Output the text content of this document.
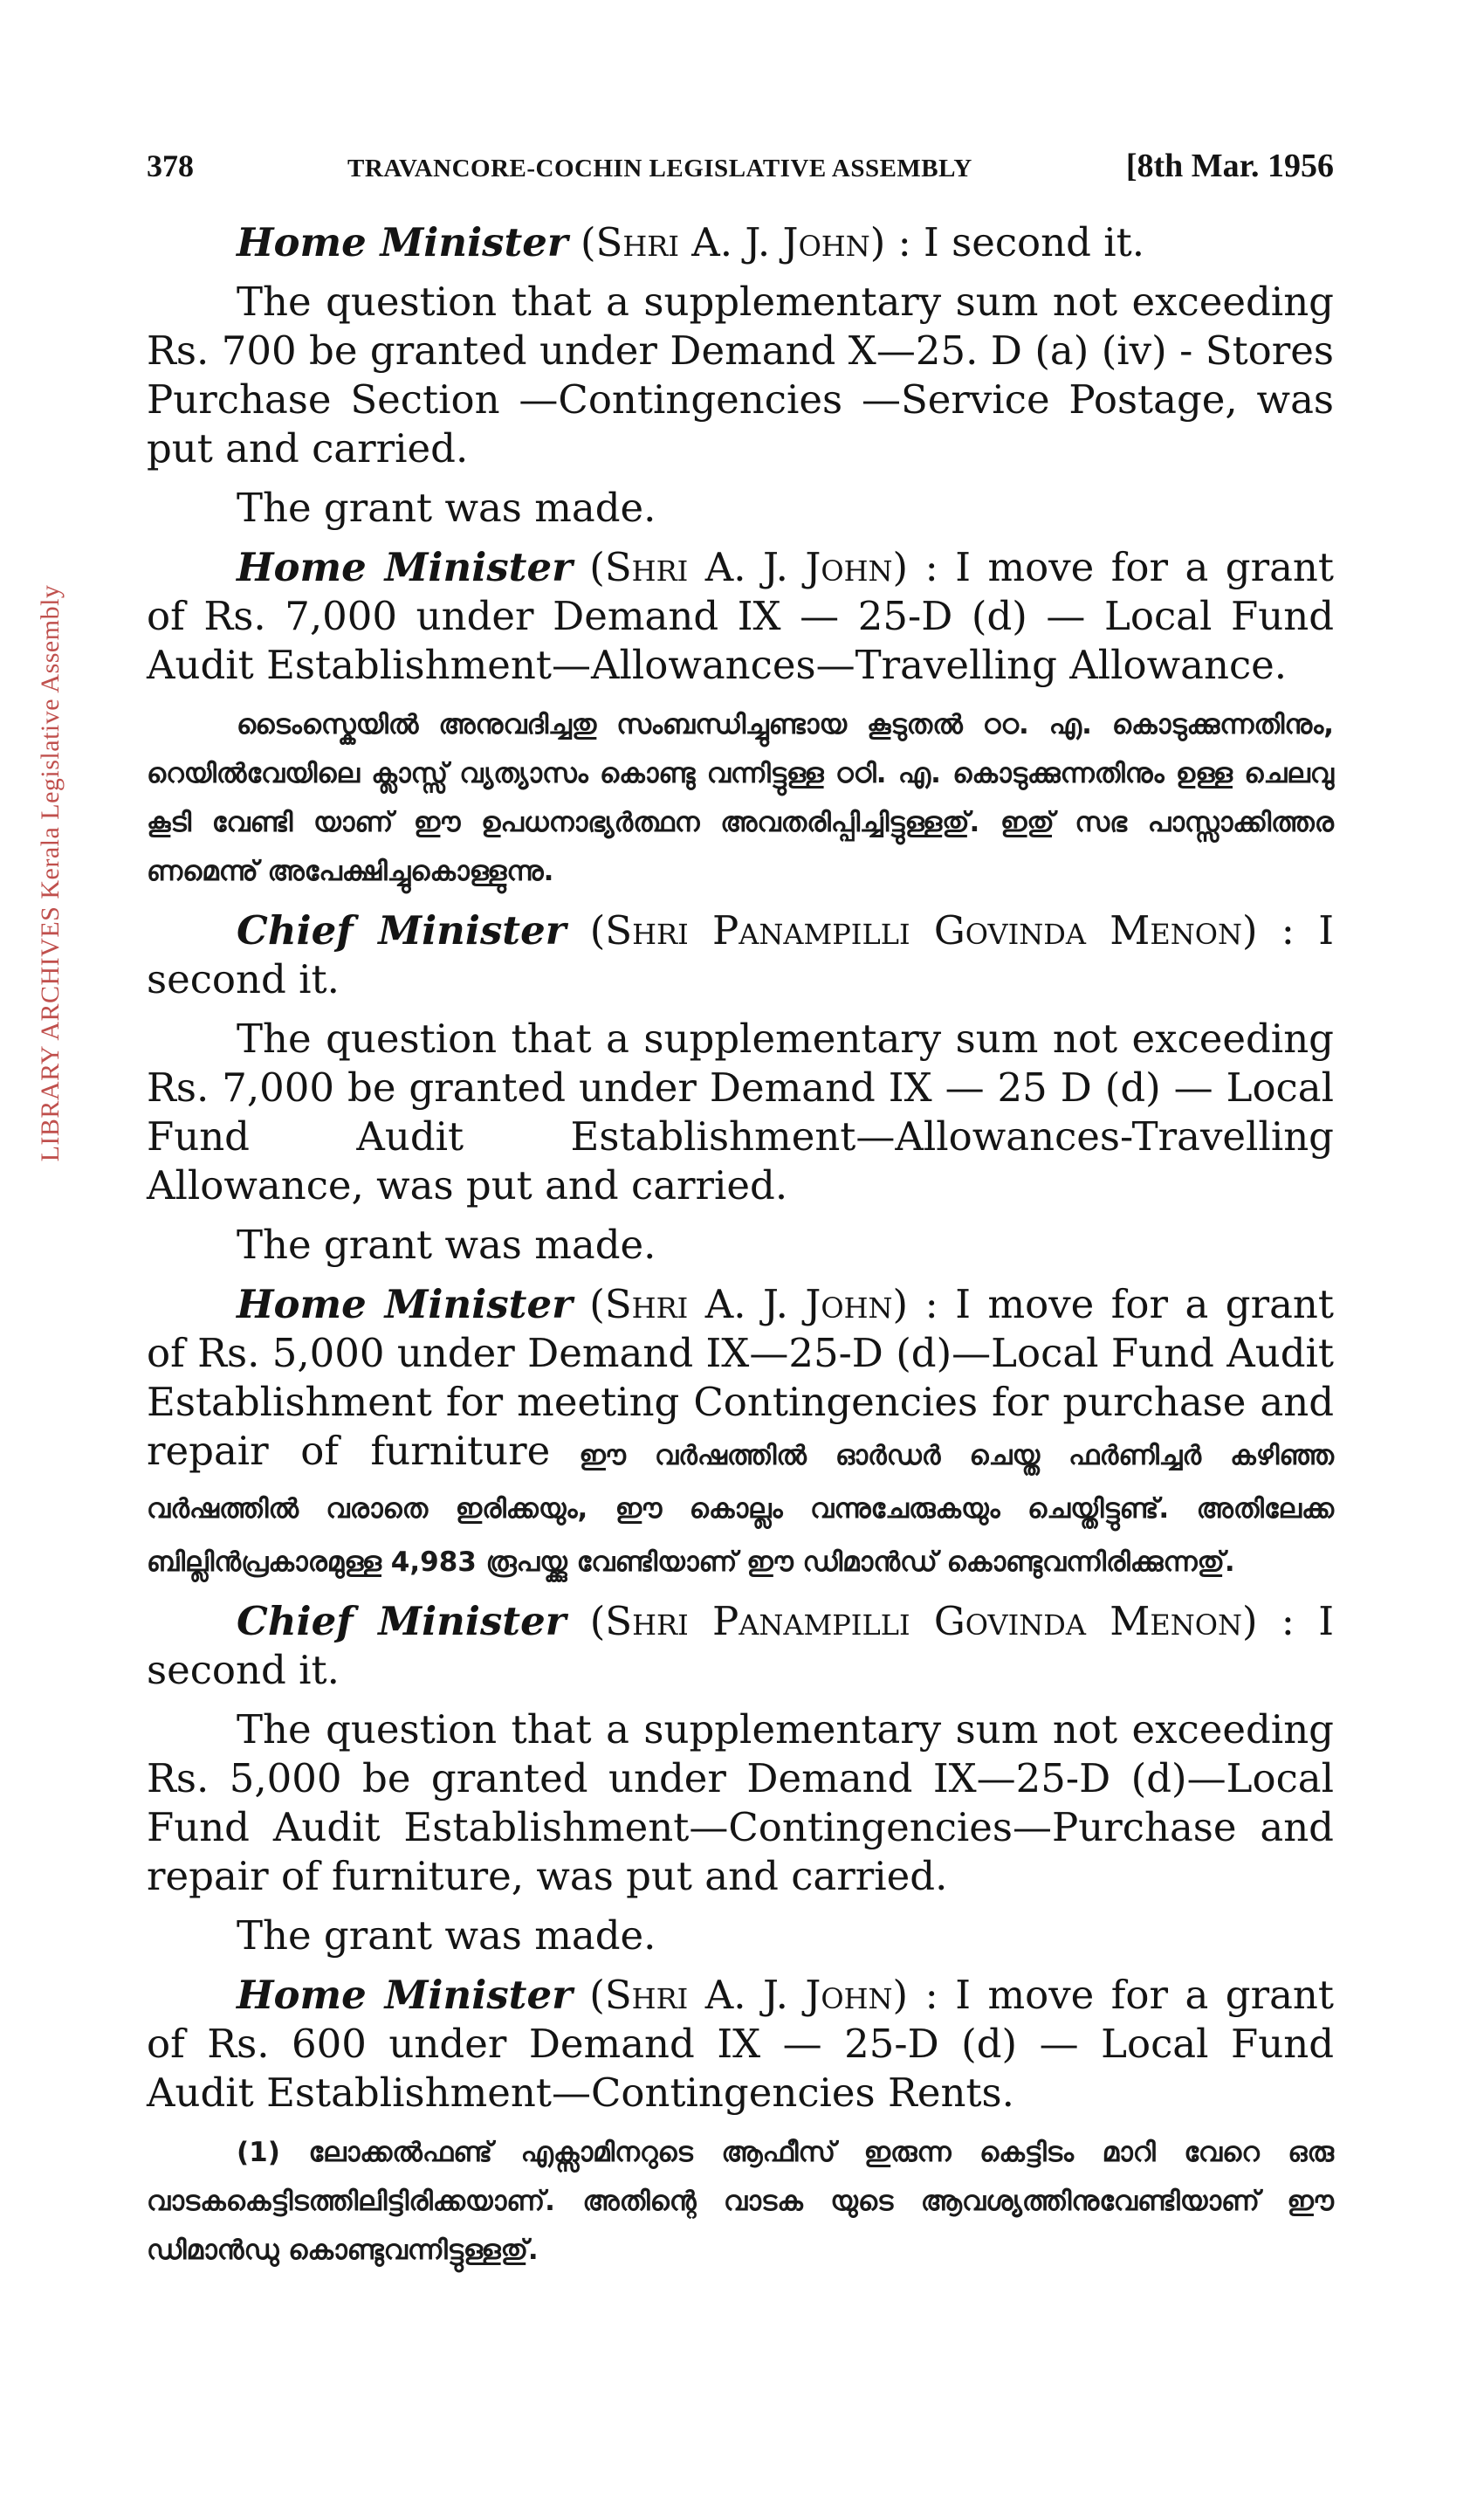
LIBRARY ARCHIVES Kerala Legislative Assembly
378	TRAVANCORE-COCHIN LEGISLATIVE ASSEMBLY	[8th Mar. 1956

Home Minister (Shri A. J. John) : I second it.

The question that a supplementary sum not exceeding Rs. 700 be granted under Demand X—25. D (a) (iv) - Stores Purchase Section —Contingencies —Service Postage, was put and carried.

The grant was made.

Home Minister (Shri A. J. John) : I move for a grant of Rs. 7,000 under Demand IX — 25-D (d) — Local Fund Audit Establishment—Allowances—Travelling Allowance.

ടൈംസ്കെയിൽ അനുവദിച്ചതു സംബന്ധിച്ചുണ്ടായ കൂടുതൽ ഠഠ. എ. കൊടുക്കുന്നതിനും, റെയിൽവേയിലെ ക്ലാസ്സ് വ്യത്യാസം കൊണ്ടു വന്നിട്ടുള്ള ഠഠി. എ. കൊടുക്കുന്നതിനും ഉള്ള ചെലവു കൂടി വേണ്ടി യാണ് ഈ ഉപധനാഭ്യർത്ഥന അവതരിപ്പിച്ചിട്ടുള്ളതു്. ഇതു് സഭ പാസ്സാക്കിത്തര ണമെന്നു് അപേക്ഷിച്ചുകൊള്ളുന്നു.

Chief Minister (Shri Panampilli Govinda Menon) : I second it.

The question that a supplementary sum not exceeding Rs. 7,000 be granted under Demand IX — 25 D (d) — Local Fund Audit Establishment—Allowances-Travelling Allowance, was put and carried.

The grant was made.

Home Minister (Shri A. J. John) : I move for a grant of Rs. 5,000 under Demand IX—25-D (d)—Local Fund Audit Establishment for meeting Contingencies for purchase and repair of furniture ഈ വർഷത്തിൽ ഓർഡർ ചെയ്ത ഫർണിച്ചർ കഴിഞ്ഞ വർഷത്തിൽ വരാതെ ഇരിക്കയും, ഈ കൊല്ലം വന്നുചേരുകയും ചെയ്തിട്ടുണ്ട്. അതിലേക്ക ബില്ലിൻപ്രകാരമുള്ള 4,983 രൂപയ്ക്കു വേണ്ടിയാണ് ഈ ഡിമാൻഡ് കൊണ്ടുവന്നിരിക്കുന്നതു്.

Chief Minister (Shri Panampilli Govinda Menon) : I second it.

The question that a supplementary sum not exceeding Rs. 5,000 be granted under Demand IX—25-D (d)—Local Fund Audit Establishment—Contingencies—Purchase and repair of furniture, was put and carried.

The grant was made.

Home Minister (Shri A. J. John) : I move for a grant of Rs. 600 under Demand IX — 25-D (d) — Local Fund Audit Establishment—Contingencies Rents.

(1) ലോക്കൽഫണ്ട് എക്സാമിനറുടെ ആഫീസ് ഇരുന്ന കെട്ടിടം മാറി വേറെ ഒരു വാടകകെട്ടിടത്തിലിട്ടിരിക്കയാണ്. അതിന്റെ വാടക യുടെ ആവശ്യത്തിനുവേണ്ടിയാണ് ഈ ഡിമാൻഡു കൊണ്ടുവന്നിട്ടുള്ളതു്.
